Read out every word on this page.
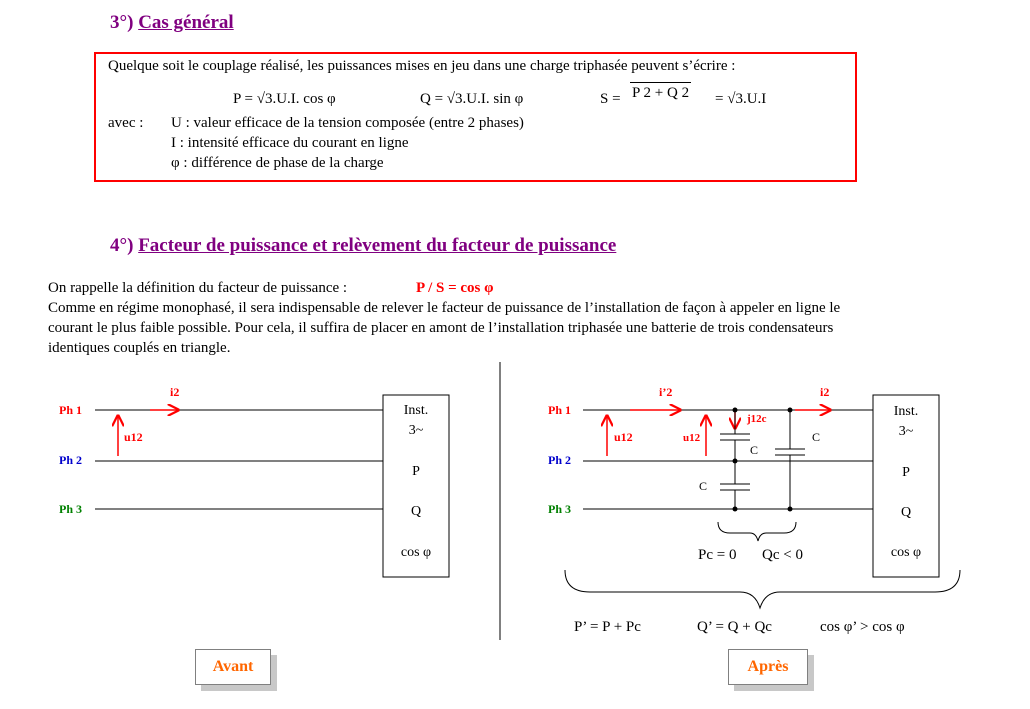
3°) Cas général
Quelque soit le couplage réalisé, les puissances mises en jeu dans une charge triphasée peuvent s’écrire :
P = √3.U.I. cos φ	Q = √3.U.I. sin φ	S = P 2 + Q 2 = √3.U.I
avec : U : valeur efficace de la tension composée (entre 2 phases)
I : intensité efficace du courant en ligne
φ : différence de phase de la charge
4°) Facteur de puissance et relèvement du facteur de puissance
On rappelle la définition du facteur de puissance :	P / S = cos φ
Comme en régime monophasé, il sera indispensable de relever le facteur de puissance de l’installation de façon à appeler en ligne le
courant le plus faible possible. Pour cela, il suffira de placer en amont de l’installation triphasée une batterie de trois condensateurs
identiques couplés en triangle.
Ph 1
Ph 2
Ph 3
i2
u12
Inst.
3~
P
Q
cos φ
Ph 1
Ph 2
Ph 3
i’2	i2
u12	u12
j12c
C
C
C
Inst.
3~
P
Q
cos φ
Pc = 0 Qc < 0
P’ = P + Pc	Q’ = Q + Qc	cos φ’ > cos φ
Avant	Après
